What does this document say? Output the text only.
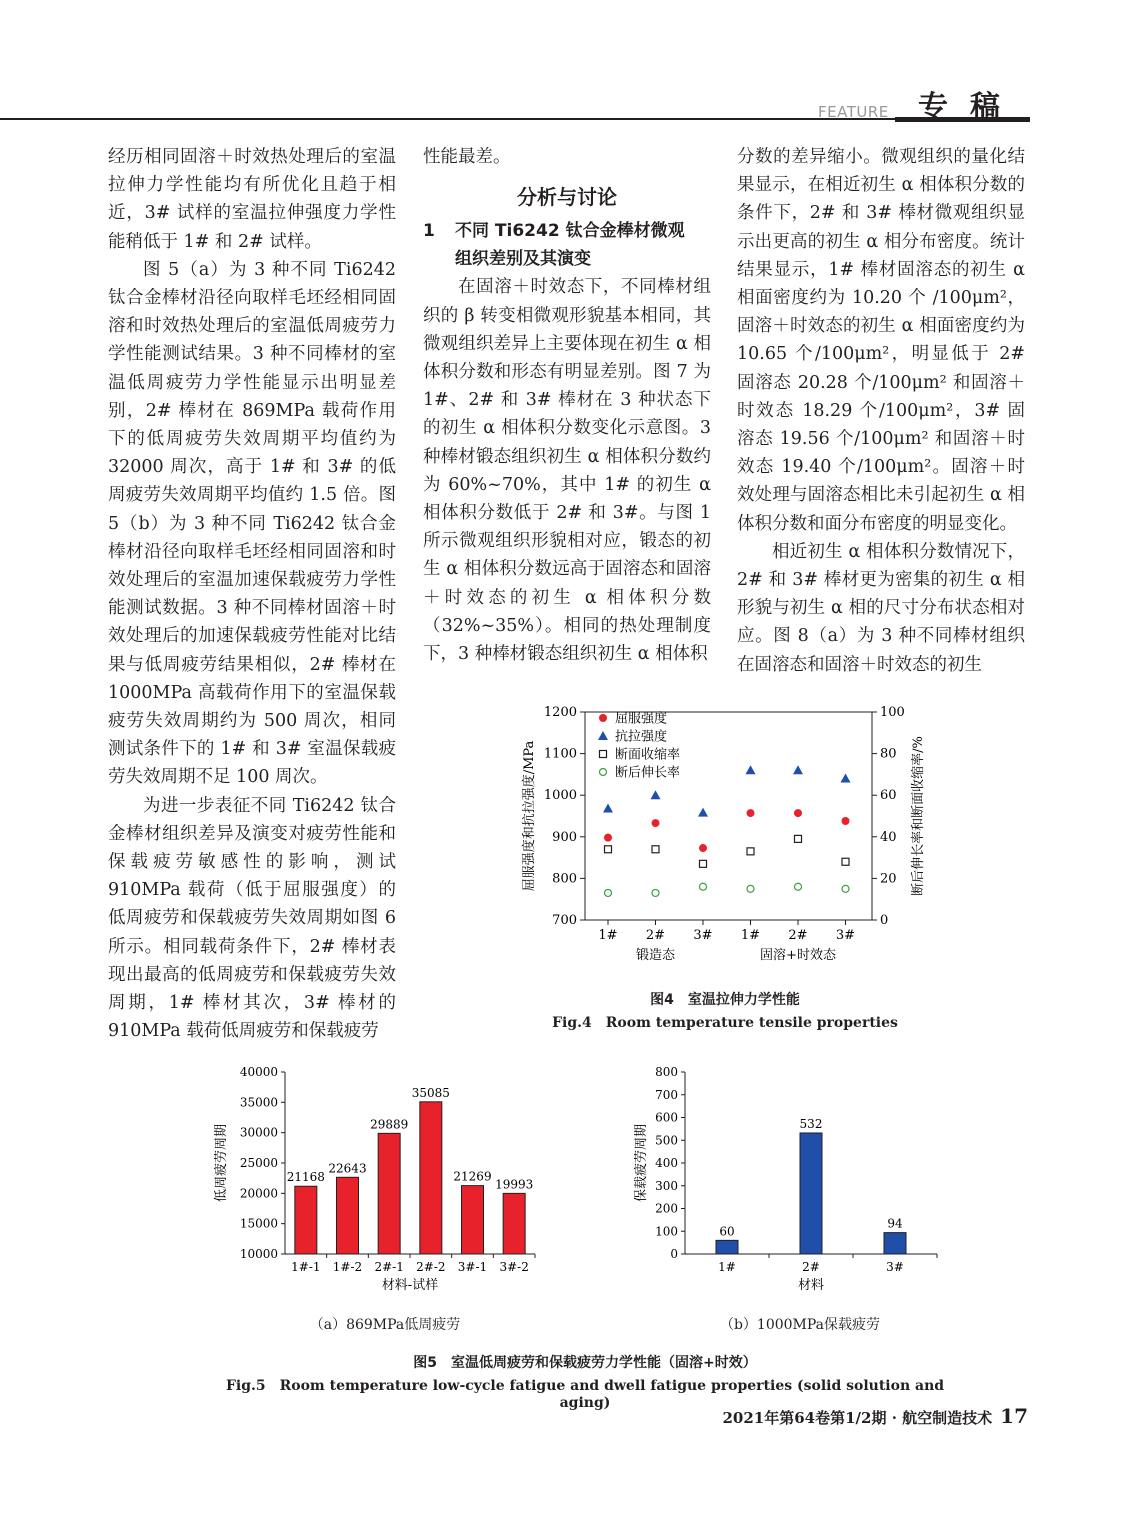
FEATURE 专稿

经历相同固溶＋时效热处理后的室温拉伸力学性能均有所优化且趋于相近，3# 试样的室温拉伸强度力学性能稍低于 1# 和 2# 试样。

图 5（a）为 3 种不同 Ti6242 钛合金棒材沿径向取样毛坯经相同固溶和时效热处理后的室温低周疲劳力学性能测试结果。3 种不同棒材的室温低周疲劳力学性能显示出明显差别，2# 棒材在 869MPa 载荷作用下的低周疲劳失效周期平均值约为 32000 周次，高于 1# 和 3# 的低周疲劳失效周期平均值约 1.5 倍。图 5（b）为 3 种不同 Ti6242 钛合金棒材沿径向取样毛坯经相同固溶和时效处理后的室温加速保载疲劳力学性能测试数据。3 种不同棒材固溶＋时效处理后的加速保载疲劳性能对比结果与低周疲劳结果相似，2# 棒材在 1000MPa 高载荷作用下的室温保载疲劳失效周期约为 500 周次，相同测试条件下的 1# 和 3# 室温保载疲劳失效周期不足 100 周次。

为进一步表征不同 Ti6242 钛合金棒材组织差异及演变对疲劳性能和保载疲劳敏感性的影响，测试 910MPa 载荷（低于屈服强度）的低周疲劳和保载疲劳失效周期如图 6 所示。相同载荷条件下，2# 棒材表现出最高的低周疲劳和保载疲劳失效周期，1# 棒材其次，3# 棒材的 910MPa 载荷低周疲劳和保载疲劳

性能最差。

分析与讨论
1 不同 Ti6242 钛合金棒材微观
组织差别及其演变

在固溶＋时效态下，不同棒材组织的 β 转变相微观形貌基本相同，其微观组织差异上主要体现在初生 α 相体积分数和形态有明显差别。图 7 为 1#、2# 和 3# 棒材在 3 种状态下的初生 α 相体积分数变化示意图。3 种棒材锻态组织初生 α 相体积分数约为 60%~70%，其中 1# 的初生 α 相体积分数低于 2# 和 3#。与图 1 所示微观组织形貌相对应，锻态的初生 α 相体积分数远高于固溶态和固溶＋时效态的初生 α 相体积分数（32%~35%）。相同的热处理制度下，3 种棒材锻态组织初生 α 相体积

分数的差异缩小。微观组织的量化结果显示，在相近初生 α 相体积分数的条件下，2# 和 3# 棒材微观组织显示出更高的初生 α 相分布密度。统计结果显示，1# 棒材固溶态的初生 α 相面密度约为 10.20 个 /100μm²，固溶＋时效态的初生 α 相面密度约为 10.65 个/100μm²，明显低于 2# 固溶态 20.28 个/100μm² 和固溶＋时效态 18.29 个/100μm²，3# 固溶态 19.56 个/100μm² 和固溶＋时效态 19.40 个/100μm²。固溶＋时效处理与固溶态相比未引起初生 α 相体积分数和面分布密度的明显变化。

相近初生 α 相体积分数情况下，2# 和 3# 棒材更为密集的初生 α 相形貌与初生 α 相的尺寸分布状态相对应。图 8（a）为 3 种不同棒材组织在固溶态和固溶＋时效态的初生

700
800
900
1000
1100
1200
0
20
40
60
80
100
1# 2# 3# 1# 2# 3#
锻造态	固溶+时效态
屈服强度和抗拉强度/MPa	断后伸长率和断面收缩率/%
屈服强度
抗拉强度
断面收缩率
断后伸长率
图4　室温拉伸力学性能
Fig.4　Room temperature tensile properties
10000
15000
20000
25000
30000
35000
40000
21168
1#-1
22643
1#-2
29889
2#-1
35085
2#-2
21269
3#-1
19993
3#-2
材料-试样
低周疲劳周期
（a）869MPa低周疲劳
0
100
200
300
400
500
600
700
800
60
1#
532
2#
94
3#
材料
保载疲劳周期
（b）1000MPa保载疲劳
图5　室温低周疲劳和保载疲劳力学性能（固溶+时效）
Fig.5　Room temperature low-cycle fatigue and dwell fatigue properties (solid solution and aging)
2021年第64卷第1/2期 · 航空制造技术 17
